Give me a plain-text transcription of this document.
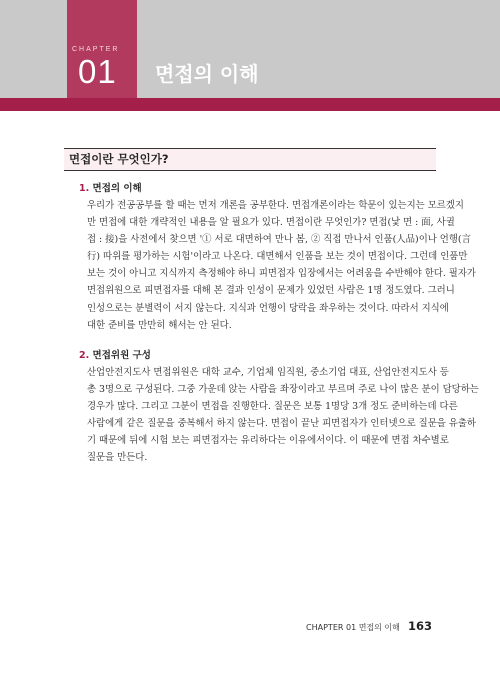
CHAPTER
01 면접의 이해
면접이란 무엇인가?
1. 면접의 이해
우리가 전공공부를 할 때는 먼저 개론을 공부한다. 면접개론이라는 학문이 있는지는 모르겠지
만 면접에 대한 개략적인 내용을 알 필요가 있다. 면접이란 무엇인가? 면접(낯 면 : 面, 사귈
접 : 接)을 사전에서 찾으면 '① 서로 대면하여 만나 봄, ② 직접 만나서 인품(人品)이나 언행(言
行) 따위를 평가하는 시험'이라고 나온다. 대면해서 인품을 보는 것이 면접이다. 그런데 인품만
보는 것이 아니고 지식까지 측정해야 하니 피면접자 입장에서는 어려움을 수반해야 한다. 필자가
면접위원으로 피면접자를 대해 본 결과 인성이 문제가 있었던 사람은 1명 정도였다. 그러니
인성으로는 분별력이 서지 않는다. 지식과 언행이 당락을 좌우하는 것이다. 따라서 지식에
대한 준비를 만만히 해서는 안 된다.
2. 면접위원 구성
산업안전지도사 면접위원은 대학 교수, 기업체 임직원, 중소기업 대표, 산업안전지도사 등
총 3명으로 구성된다. 그중 가운데 앉는 사람을 좌장이라고 부르며 주로 나이 많은 분이 담당하는
경우가 많다. 그리고 그분이 면접을 진행한다. 질문은 보통 1명당 3개 정도 준비하는데 다른
사람에게 같은 질문을 중복해서 하지 않는다. 면접이 끝난 피면접자가 인터넷으로 질문을 유출하
기 때문에 뒤에 시험 보는 피면접자는 유리하다는 이유에서이다. 이 때문에 면접 차수별로
질문을 만든다.
CHAPTER 01 면접의 이해 163
